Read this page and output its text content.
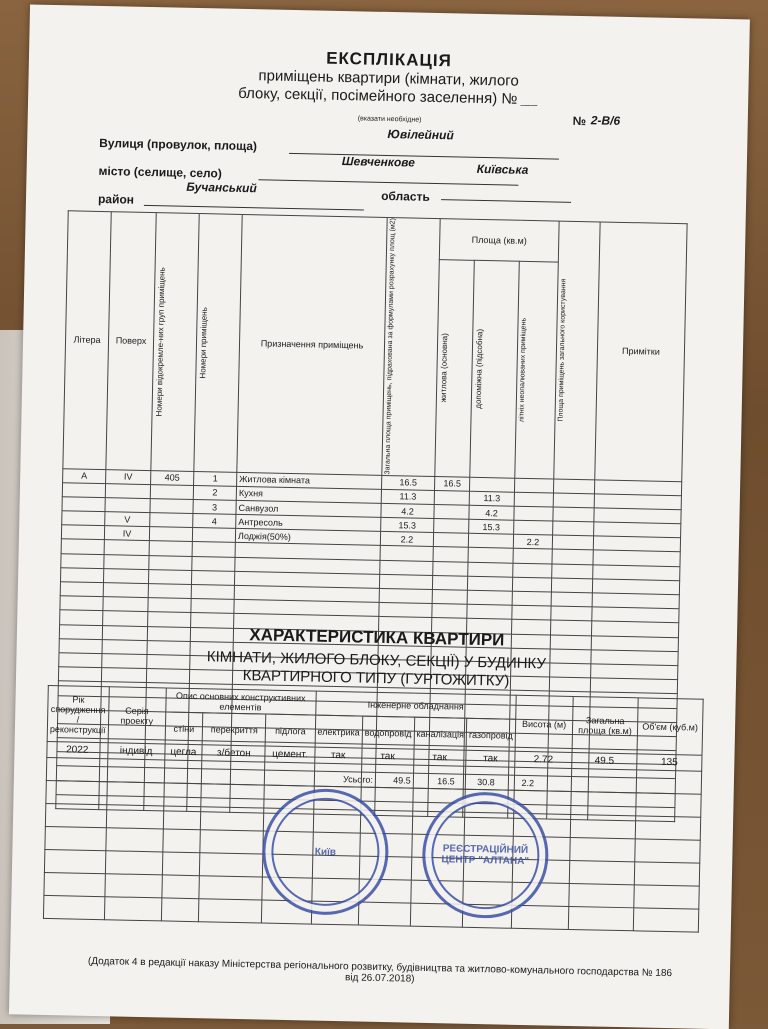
ЕКСПЛІКАЦІЯ
приміщень квартири (кімнати, жилого
блоку, секції, посімейного заселення) № __
(вказати необхідне)
Вулиця (провулок, площа)
Ювілейний
№ 2-В/6
місто (селище, село)
Шевченкове
район
Бучанський
область
Київська
Літера	Поверх	Номери відокремле-них груп приміщень	Номери приміщень	Призначення приміщень	Загальна площа приміщень, підрахована за формулами розрахунку площ (м2)	Площа (кв.м)			Площа приміщень загального користування	Примітки

						житлова (основна)	допоміжна (підсобна)	літніх неопалюваних приміщень		

A	IV	405	1	Житлова кімната	16.5	16.5				
			2	Кухня	11.3		11.3			
			3	Санвузол	4.2		4.2			
	V		4	Антресоль	15.3		15.3			
	IV			Лоджія(50%)	2.2			2.2		

				Усього:	49.5	16.5	30.8	2.2		

ХАРАКТЕРИСТИКА КВАРТИРИ
КІМНАТИ, ЖИЛОГО БЛОКУ, СЕКЦІЇ) У БУДИНКУ
КВАРТИРНОГО ТИПУ (ГУРТОЖИТКУ)
Рік спорудження / реконструкції	Серія проекту	Опис основних конструктивних елементів			Інженерне обладнання				Висота (м)	Загальна площа (кв.м)	Об'єм (куб.м)
		стіни	перекриття	підлога	електрика	водопровід	каналізація	газопровід			
2022	індивід	цегла	з/бетон	цемент.	так	так	так	так	2.72	49.5	135

Київ	РЕЄСТРАЦІЙНИЙ ЦЕНТР "АЛТАНА"
(Додаток 4 в редакції наказу Міністерства регіонального розвитку, будівництва та житлово-комунального господарства № 186 від 26.07.2018)
